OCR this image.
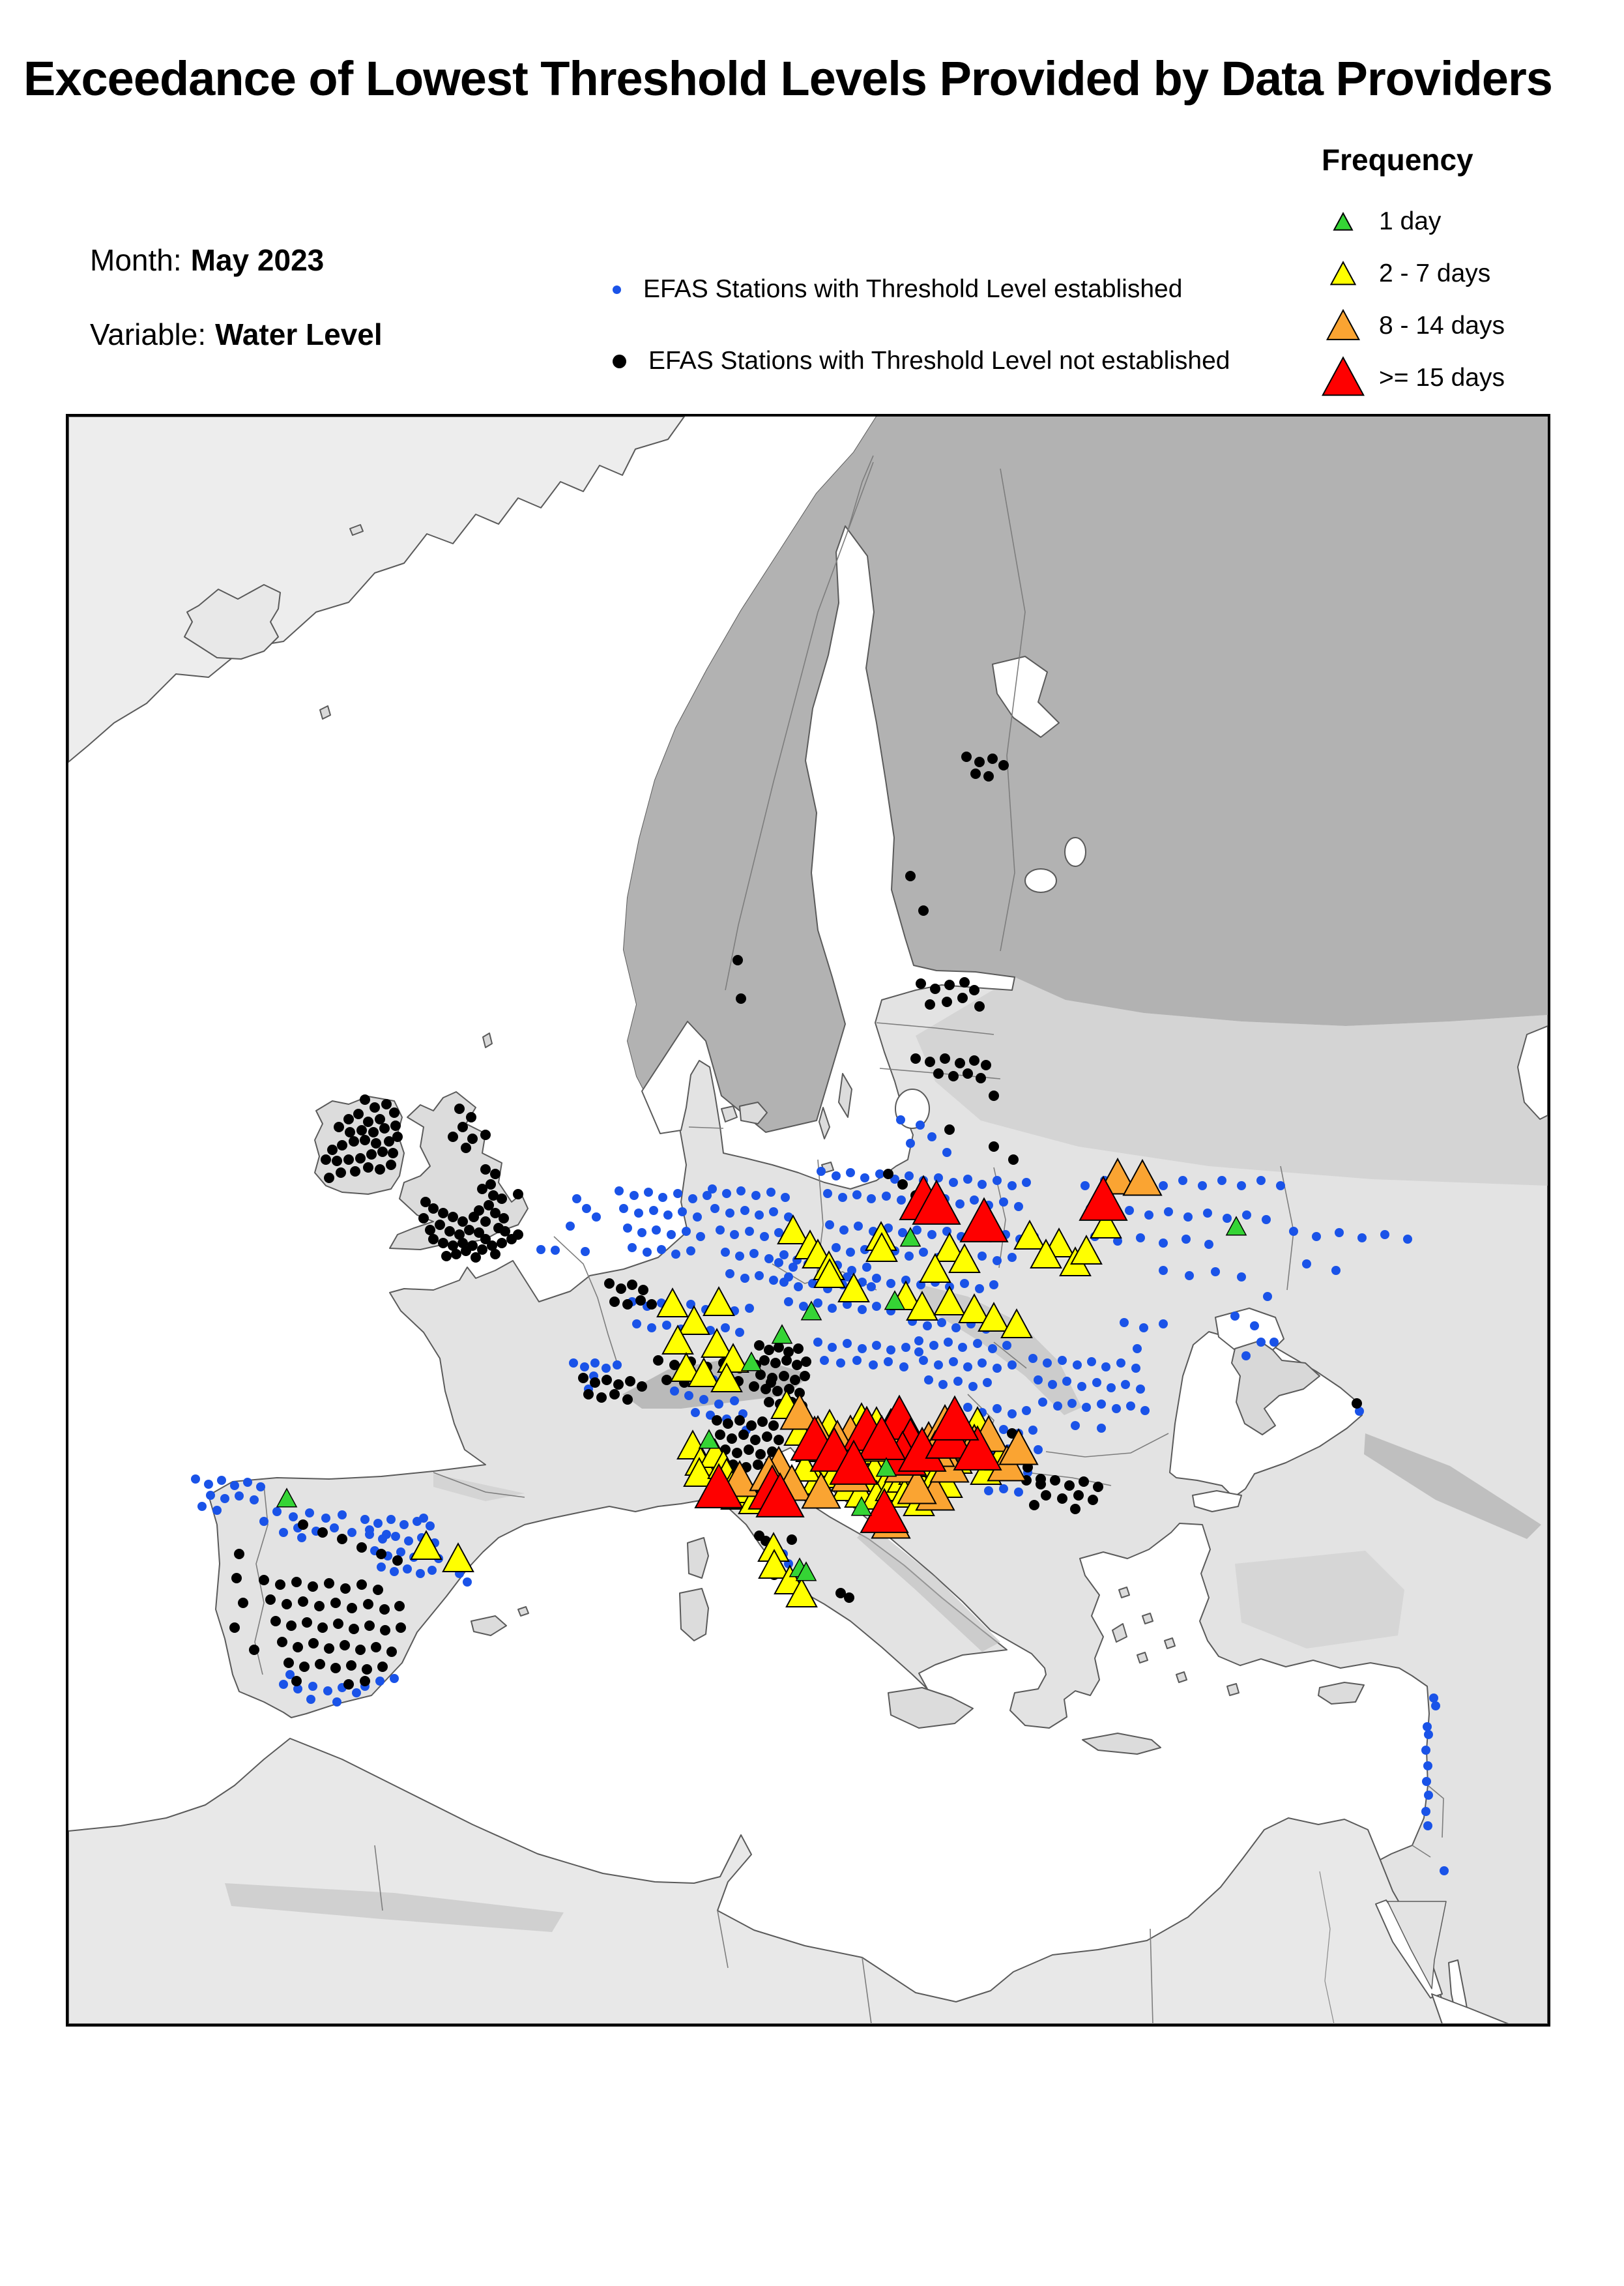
Exceedance of Lowest Threshold Levels Provided by Data Providers
Month: May 2023
Variable: Water Level
EFAS Stations with Threshold Level established
EFAS Stations with Threshold Level not established
Frequency
1 day
2 - 7 days
8 - 14 days
>= 15 days
